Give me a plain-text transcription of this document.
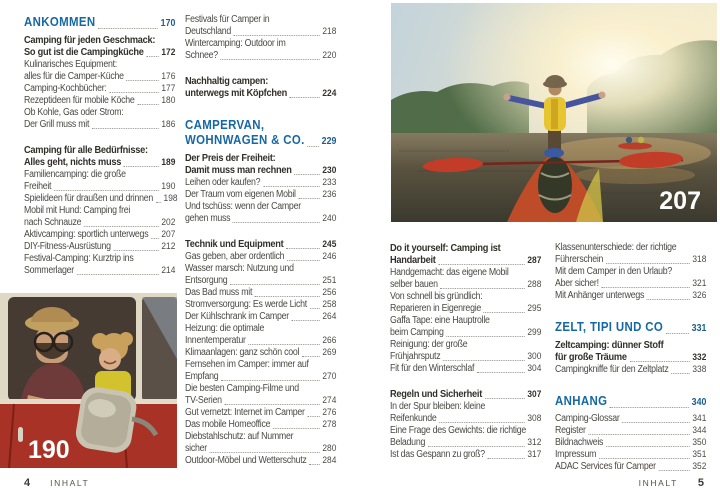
ANKOMMEN	170
Camping für jeden Geschmack:
So gut ist die Campingküche 172
Kulinarisches Equipment:
alles für die Camper-Küche	176
Camping-Kochbücher:	177
Rezeptideen für mobile Köche	180
Ob Kohle, Gas oder Strom:
Der Grill muss mit	186
Camping für alle Bedürfnisse:
Alles geht, nichts muss	189
Familiencamping: die große
Freiheit	190
Spielideen für draußen und drinnen 198
Mobil mit Hund: Camping frei
nach Schnauze	202
Aktivcamping: sportlich unterwegs 207
DIY-Fitness-Ausrüstung	212
Festival-Camping: Kurztrip ins
Sommerlager	214
Festivals für Camper in
Deutschland	218
Wintercamping: Outdoor im
Schnee?	220
Nachhaltig campen:
unterwegs mit Köpfchen	224
CAMPERVAN,
WOHNWAGEN & CO. 229
Der Preis der Freiheit:
Damit muss man rechnen	230
Leihen oder kaufen?	233
Der Traum vom eigenen Mobil	236
Und tschüss: wenn der Camper
gehen muss	240
Technik und Equipment	245
Gas geben, aber ordentlich	246
Wasser marsch: Nutzung und
Entsorgung	251
Das Bad muss mit	256
Stromversorgung: Es werde Licht 258
Der Kühlschrank im Camper	264
Heizung: die optimale
Innentemperatur	266
Klimaanlagen: ganz schön cool 269
Fernsehen im Camper: immer auf
Empfang	270
Die besten Camping-Filme und
TV-Serien	274
Gut vernetzt: Internet im Camper 276
Das mobile Homeoffice	278
Diebstahlschutz: auf Nummer
sicher	280
Outdoor-Möbel und Wetterschutz 284
Do it yourself: Camping ist
Handarbeit	287
Handgemacht: das eigene Mobil
selber bauen	288
Von schnell bis gründlich:
Reparieren in Eigenregie	295
Gaffa Tape: eine Hauptrolle
beim Camping	299
Reinigung: der große
Frühjahrsputz	300
Fit für den Winterschlaf	304
Regeln und Sicherheit	307
In der Spur bleiben: kleine
Reifenkunde	308
Eine Frage des Gewichts: die richtige
Beladung	312
Ist das Gespann zu groß?	317
Klassenunterschiede: der richtige
Führerschein	318
Mit dem Camper in den Urlaub?
Aber sicher!	321
Mit Anhänger unterwegs	326
ZELT, TIPI UND CO	331
Zeltcamping: dünner Stoff
für große Träume	332
Campingkniffe für den Zeltplatz	338
ANHANG	340
Camping-Glossar	341
Register	344
Bildnachweis	350
Impressum	351
ADAC Services für Camper	352
190
207
4 INHALT	INHALT 5
